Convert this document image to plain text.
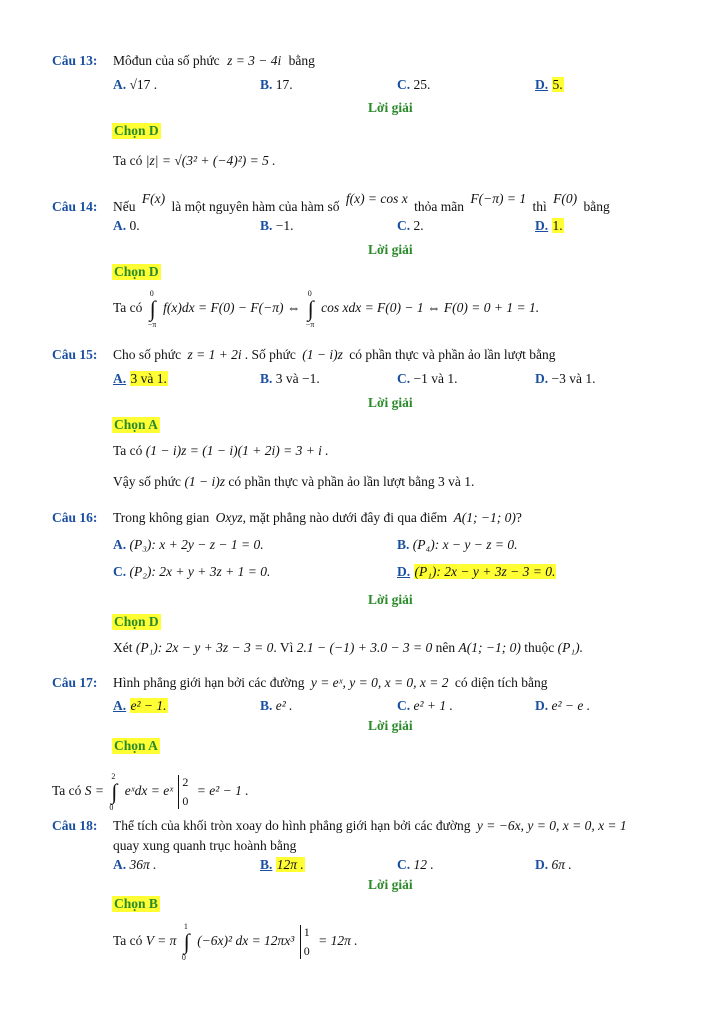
Câu 13: Môđun của số phức z = 3 − 4i bằng
A. √17 .	B. 17.	C. 25.	D. 5.
Lời giải
Chọn D
Ta có |z| = √(3² + (−4)²) = 5 .
Câu 14: Nếu F(x) là một nguyên hàm của hàm số f(x) = cos x thỏa mãn F(−π) = 1 thì F(0) bằng
A. 0.	B. −1.	C. 2.	D. 1.
Lời giải
Chọn D
Ta có
0
∫
−π
f(x)dx = F(0) − F(−π) ⇔
0
∫
−π
cos xdx = F(0) − 1 ⇔ F(0) = 0 + 1 = 1.
Câu 15: Cho số phức z = 1 + 2i . Số phức (1 − i)z có phần thực và phần ảo lần lượt bằng
A. 3 và 1.	B. 3 và −1.	C. −1 và 1.	D. −3 và 1.
Lời giải
Chọn A
Ta có (1 − i)z = (1 − i)(1 + 2i) = 3 + i .
Vậy số phức (1 − i)z có phần thực và phần ảo lần lượt bằng 3 và 1.
Câu 16: Trong không gian Oxyz, mặt phẳng nào dưới đây đi qua điểm A(1; −1; 0)?
A. (P₃): x + 2y − z − 1 = 0.	B. (P₄): x − y − z = 0.
C. (P₂): 2x + y + 3z + 1 = 0.	D. (P₁): 2x − y + 3z − 3 = 0.
Lời giải
Chọn D
Xét (P₁): 2x − y + 3z − 3 = 0. Vì 2.1 − (−1) + 3.0 − 3 = 0 nên A(1; −1; 0) thuộc (P₁).
Câu 17: Hình phẳng giới hạn bởi các đường y = eˣ, y = 0, x = 0, x = 2 có diện tích bằng
A. e² − 1.	B. e² .	C. e² + 1 .	D. e² − e .
Lời giải
Chọn A
Ta có S =
2
∫
0
eˣdx = eˣ
2
0
= e² − 1 .
Câu 18: Thể tích của khối tròn xoay do hình phẳng giới hạn bởi các đường y = −6x, y = 0, x = 0, x = 1
quay xung quanh trục hoành bằng
A. 36π .	B. 12π .	C. 12 .	D. 6π .
Lời giải
Chọn B
Ta có V = π
1
∫
0
(−6x)² dx = 12πx³
1
0
= 12π .
